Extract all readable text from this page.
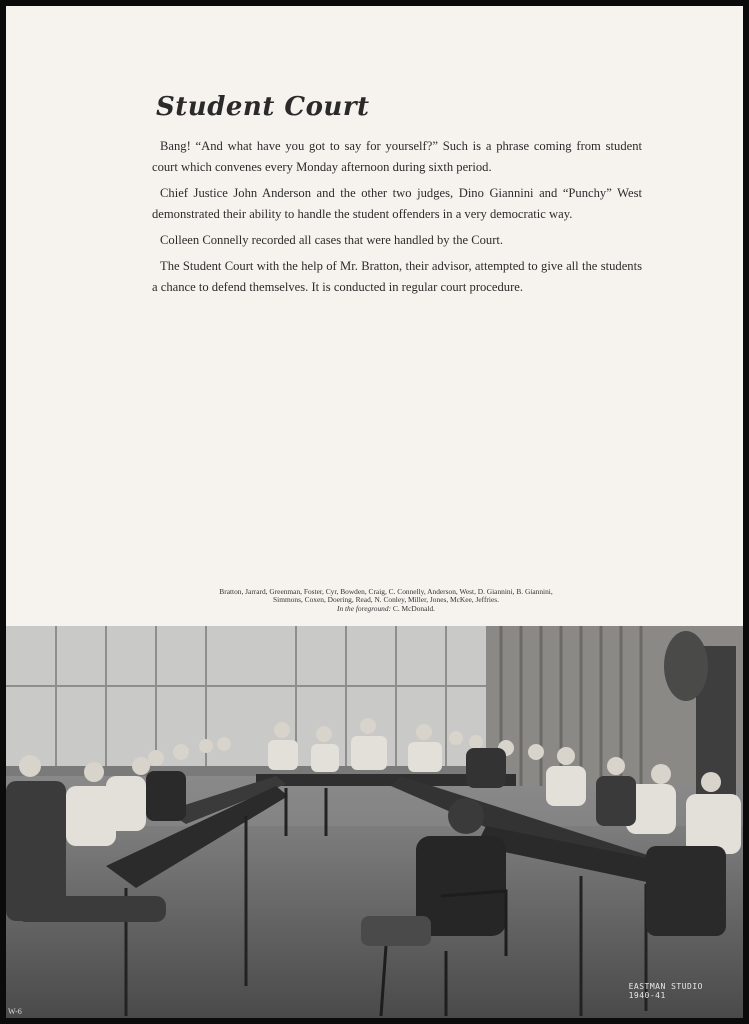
Student Court

Bang! “And what have you got to say for yourself?” Such is a phrase coming from student court which convenes every Monday afternoon during sixth period.

Chief Justice John Anderson and the other two judges, Dino Giannini and “Punchy” West demonstrated their ability to handle the student offenders in a very democratic way.

Colleen Connelly recorded all cases that were handled by the Court.

The Student Court with the help of Mr. Bratton, their advisor, attempted to give all the students a chance to defend themselves. It is conducted in regular court procedure.

Bratton, Jarrard, Greenman, Foster, Cyr, Bowden, Craig, C. Connelly, Anderson, West, D. Giannini, B. Giannini,
Simmons, Coxen, Doering, Read, N. Conley, Miller, Jones, McKee, Jeffries.
In the foreground: C. McDonald.
EASTMAN STUDIO
1940-41
W-6
